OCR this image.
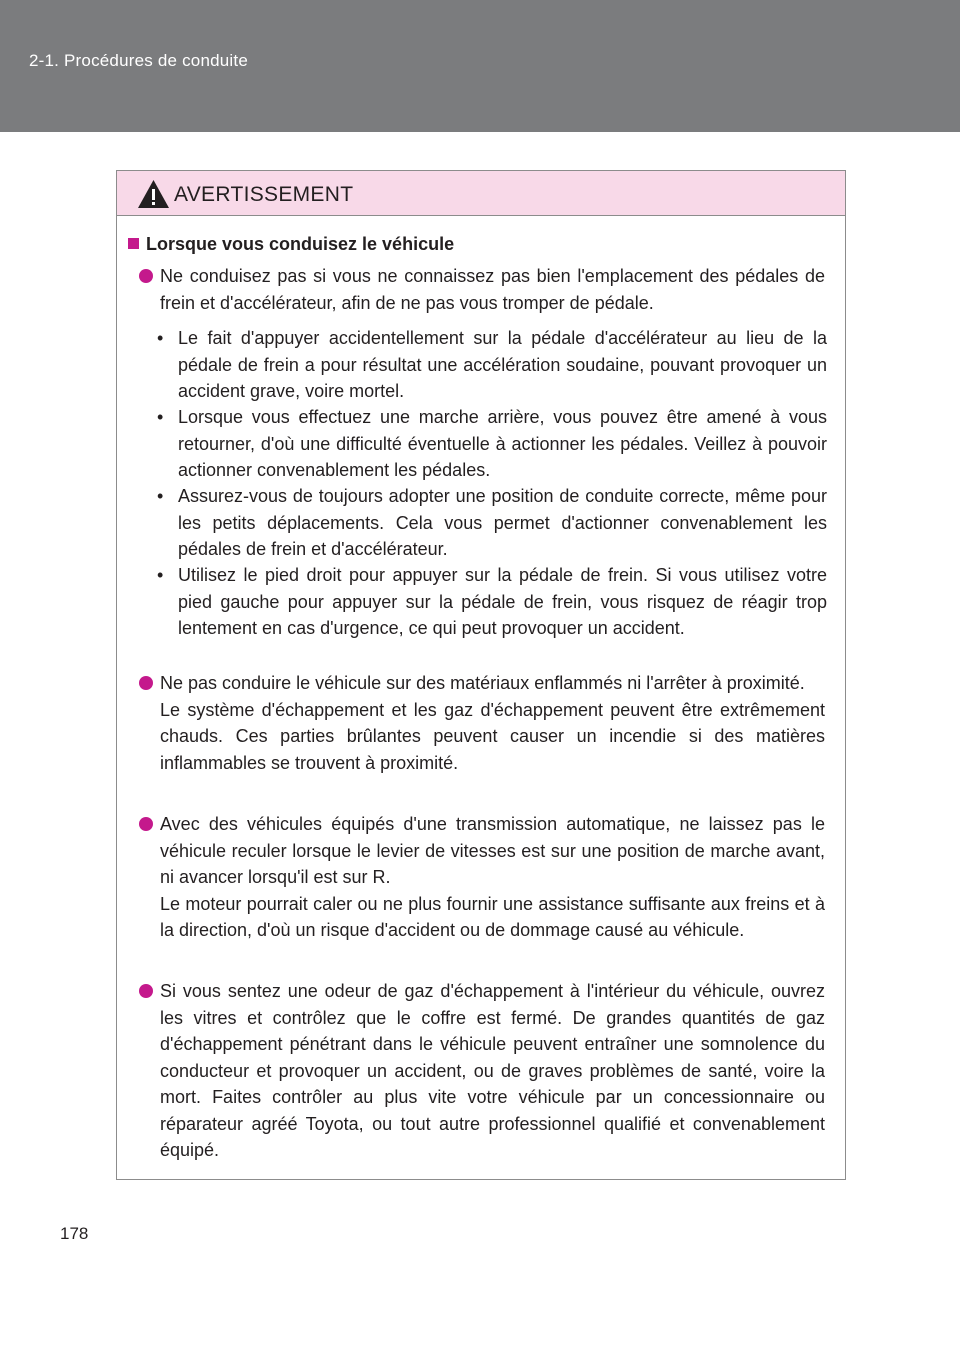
2-1. Procédures de conduite
AVERTISSEMENT
Lorsque vous conduisez le véhicule
Ne conduisez pas si vous ne connaissez pas bien l'emplacement des pédales de frein et d'accélérateur, afin de ne pas vous tromper de pédale.
• Le fait d'appuyer accidentellement sur la pédale d'accélérateur au lieu de la pédale de frein a pour résultat une accélération soudaine, pouvant provoquer un accident grave, voire mortel.
• Lorsque vous effectuez une marche arrière, vous pouvez être amené à vous retourner, d'où une difficulté éventuelle à actionner les pédales. Veillez à pouvoir actionner convenablement les pédales.
• Assurez-vous de toujours adopter une position de conduite correcte, même pour les petits déplacements. Cela vous permet d'actionner convenablement les pédales de frein et d'accélérateur.
• Utilisez le pied droit pour appuyer sur la pédale de frein. Si vous utilisez votre pied gauche pour appuyer sur la pédale de frein, vous risquez de réagir trop lentement en cas d'urgence, ce qui peut provoquer un accident.
Ne pas conduire le véhicule sur des matériaux enflammés ni l'arrêter à proximité.
Le système d'échappement et les gaz d'échappement peuvent être extrêmement chauds. Ces parties brûlantes peuvent causer un incendie si des matières inflammables se trouvent à proximité.
Avec des véhicules équipés d'une transmission automatique, ne laissez pas le véhicule reculer lorsque le levier de vitesses est sur une position de marche avant, ni avancer lorsqu'il est sur R.
Le moteur pourrait caler ou ne plus fournir une assistance suffisante aux freins et à la direction, d'où un risque d'accident ou de dommage causé au véhicule.
Si vous sentez une odeur de gaz d'échappement à l'intérieur du véhicule, ouvrez les vitres et contrôlez que le coffre est fermé. De grandes quantités de gaz d'échappement pénétrant dans le véhicule peuvent entraîner une somnolence du conducteur et provoquer un accident, ou de graves problèmes de santé, voire la mort. Faites contrôler au plus vite votre véhicule par un concessionnaire ou réparateur agréé Toyota, ou tout autre professionnel qualifié et convenablement équipé.
178
